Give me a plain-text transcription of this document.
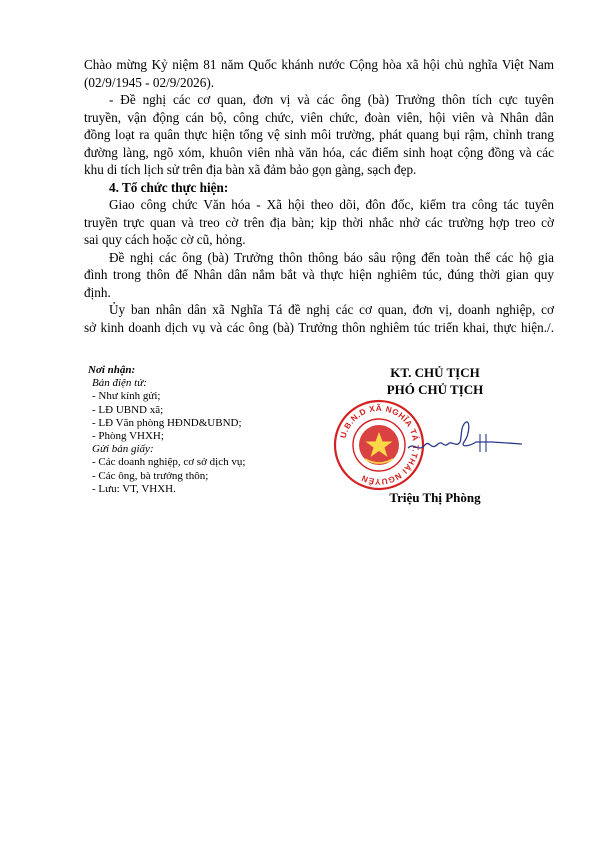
Chào mừng Kỷ niệm 81 năm Quốc khánh nước Cộng hòa xã hội chủ nghĩa Việt Nam
(02/9/1945 - 02/9/2026).

- Đề nghị các cơ quan, đơn vị và các ông (bà) Trưởng thôn tích cực tuyên

truyền, vận động cán bộ, công chức, viên chức, đoàn viên, hội viên và Nhân dân
đồng loạt ra quân thực hiện tổng vệ sinh môi trường, phát quang bụi rậm, chỉnh trang
đường làng, ngõ xóm, khuôn viên nhà văn hóa, các điểm sinh hoạt cộng đồng và các
khu di tích lịch sử trên địa bàn xã đảm bảo gọn gàng, sạch đẹp.

4. Tổ chức thực hiện:

Giao công chức Văn hóa - Xã hội theo dõi, đôn đốc, kiểm tra công tác tuyên

truyền trực quan và treo cờ trên địa bàn; kịp thời nhắc nhở các trường hợp treo cờ
sai quy cách hoặc cờ cũ, hỏng.

Đề nghị các ông (bà) Trưởng thôn thông báo sâu rộng đến toàn thể các hộ gia

đình trong thôn để Nhân dân nắm bắt và thực hiện nghiêm túc, đúng thời gian quy
định.

Ủy ban nhân dân xã Nghĩa Tá đề nghị các cơ quan, đơn vị, doanh nghiệp, cơ

sở kinh doanh dịch vụ và các ông (bà) Trưởng thôn nghiêm túc triển khai, thực hiện./.

Nơi nhận:
Bản điện tử:
- Như kính gửi;
- LĐ UBND xã;
- LĐ Văn phòng HĐND&UBND;
- Phòng VHXH;
Gửi bản giấy:
- Các doanh nghiệp, cơ sở dịch vụ;
- Các ông, bà trưởng thôn;
- Lưu: VT, VHXH.
KT. CHỦ TỊCH
PHÓ CHỦ TỊCH
U.B.N.D XÃ NGHĨA TÁ T.THÁI NGUYÊN
Triệu Thị Phòng
